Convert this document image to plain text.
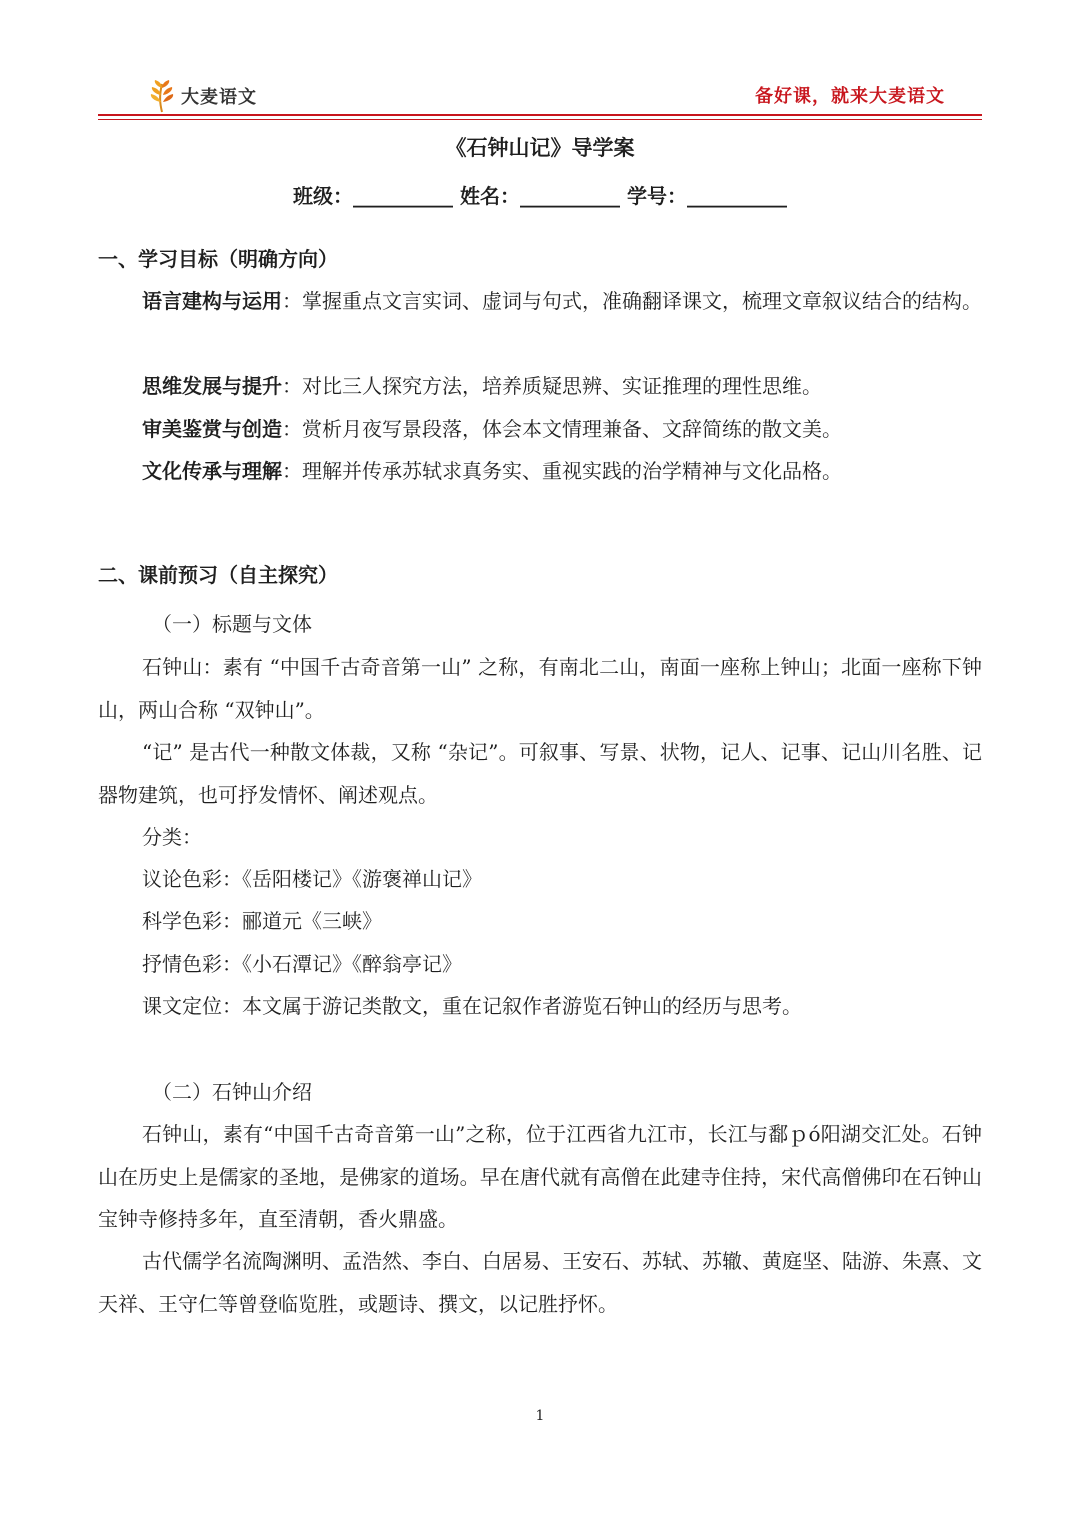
大麦语文	备好课，就来大麦语文
《石钟山记》导学案
班级：__________ 姓名：__________ 学号：__________
一、学习目标（明确方向）

语言建构与运用：掌握重点文言实词、虚词与句式，准确翻译课文，梳理文章叙议结合的结构。

思维发展与提升：对比三人探究方法，培养质疑思辨、实证推理的理性思维。

审美鉴赏与创造：赏析月夜写景段落，体会本文情理兼备、文辞简练的散文美。

文化传承与理解：理解并传承苏轼求真务实、重视实践的治学精神与文化品格。

二、课前预习（自主探究）
（一）标题与文体

石钟山：素有 “中国千古奇音第一山” 之称，有南北二山，南面一座称上钟山；北面一座称下钟山，两山合称 “双钟山”。

“记” 是古代一种散文体裁，又称 “杂记”。可叙事、写景、状物，记人、记事、记山川名胜、记器物建筑，也可抒发情怀、阐述观点。

分类：
议论色彩：《岳阳楼记》《游褒禅山记》
科学色彩：郦道元《三峡》
抒情色彩：《小石潭记》《醉翁亭记》
课文定位：本文属于游记类散文，重在记叙作者游览石钟山的经历与思考。
（二）石钟山介绍

石钟山，素有“中国千古奇音第一山”之称，位于江西省九江市，长江与鄱ｐó阳湖交汇处。石钟山在历史上是儒家的圣地，是佛家的道场。早在唐代就有高僧在此建寺住持，宋代高僧佛印在石钟山宝钟寺修持多年，直至清朝，香火鼎盛。

古代儒学名流陶渊明、孟浩然、李白、白居易、王安石、苏轼、苏辙、黄庭坚、陆游、朱熹、文天祥、王守仁等曾登临览胜，或题诗、撰文，以记胜抒怀。

1
